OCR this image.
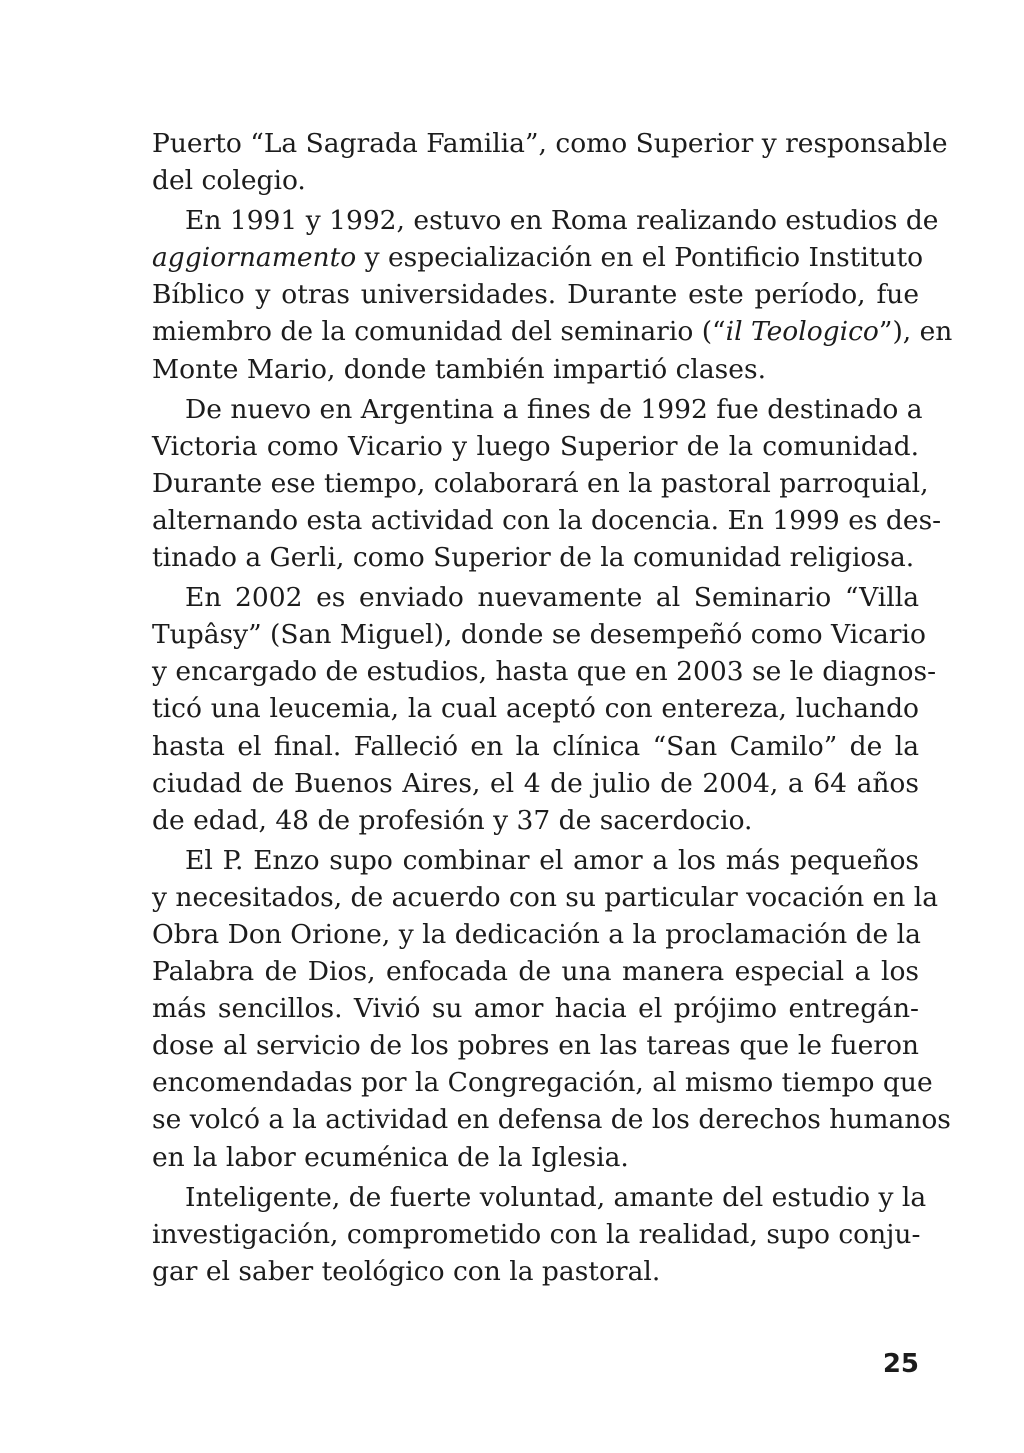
Puerto “La Sagrada Familia”, como Superior y responsable
del colegio.
En 1991 y 1992, estuvo en Roma realizando estudios de
aggiornamento y especialización en el Pontificio Instituto
Bíblico y otras universidades. Durante este período, fue
miembro de la comunidad del seminario (“il Teologico”), en
Monte Mario, donde también impartió clases.
De nuevo en Argentina a fines de 1992 fue destinado a
Victoria como Vicario y luego Superior de la comunidad.
Durante ese tiempo, colaborará en la pastoral parroquial,
alternando esta actividad con la docencia. En 1999 es des-
tinado a Gerli, como Superior de la comunidad religiosa.
En 2002 es enviado nuevamente al Seminario “Villa
Tupâsy” (San Miguel), donde se desempeñó como Vicario
y encargado de estudios, hasta que en 2003 se le diagnos-
ticó una leucemia, la cual aceptó con entereza, luchando
hasta el final. Falleció en la clínica “San Camilo” de la
ciudad de Buenos Aires, el 4 de julio de 2004, a 64 años
de edad, 48 de profesión y 37 de sacerdocio.
El P. Enzo supo combinar el amor a los más pequeños
y necesitados, de acuerdo con su particular vocación en la
Obra Don Orione, y la dedicación a la proclamación de la
Palabra de Dios, enfocada de una manera especial a los
más sencillos. Vivió su amor hacia el prójimo entregán-
dose al servicio de los pobres en las tareas que le fueron
encomendadas por la Congregación, al mismo tiempo que
se volcó a la actividad en defensa de los derechos humanos
en la labor ecuménica de la Iglesia.
Inteligente, de fuerte voluntad, amante del estudio y la
investigación, comprometido con la realidad, supo conju-
gar el saber teológico con la pastoral.
25
